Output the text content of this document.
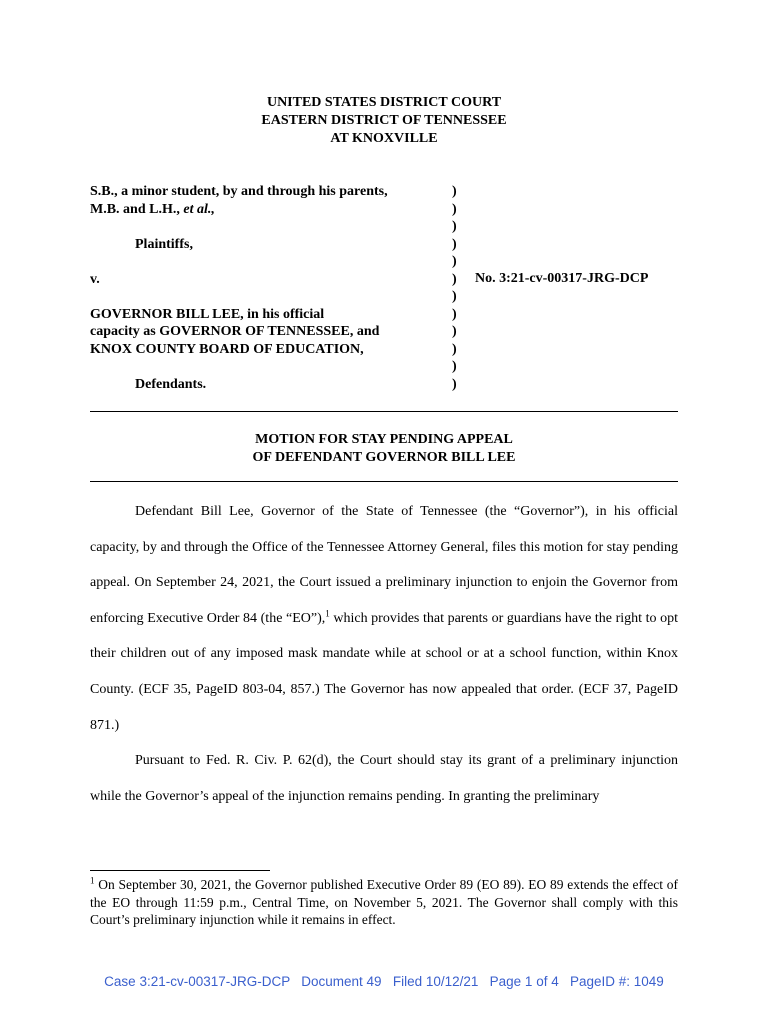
UNITED STATES DISTRICT COURT
EASTERN DISTRICT OF TENNESSEE
AT KNOXVILLE
S.B., a minor student, by and through his parents,
M.B. and L.H., et al.,
Plaintiffs,
v.
GOVERNOR BILL LEE, in his official
capacity as GOVERNOR OF TENNESSEE, and
KNOX COUNTY BOARD OF EDUCATION,
Defendants.
)
)
)
)
)
)
)
)
)
)
)
)
No. 3:21-cv-00317-JRG-DCP
MOTION FOR STAY PENDING APPEAL
OF DEFENDANT GOVERNOR BILL LEE

Defendant Bill Lee, Governor of the State of Tennessee (the “Governor”), in his official capacity, by and through the Office of the Tennessee Attorney General, files this motion for stay pending appeal. On September 24, 2021, the Court issued a preliminary injunction to enjoin the Governor from enforcing Executive Order 84 (the “EO”),$^1$ which provides that parents or guardians have the right to opt their children out of any imposed mask mandate while at school or at a school function, within Knox County. (ECF 35, PageID 803-04, 857.) The Governor has now appealed that order. (ECF 37, PageID 871.)

Pursuant to Fed. R. Civ. P. 62(d), the Court should stay its grant of a preliminary injunction while the Governor’s appeal of the injunction remains pending. In granting the preliminary

$^1$ On September 30, 2021, the Governor published Executive Order 89 (EO 89). EO 89 extends the effect of the EO through 11:59 p.m., Central Time, on November 5, 2021. The Governor shall comply with this Court’s preliminary injunction while it remains in effect.
Case 3:21-cv-00317-JRG-DCP Document 49 Filed 10/12/21 Page 1 of 4 PageID #: 1049
